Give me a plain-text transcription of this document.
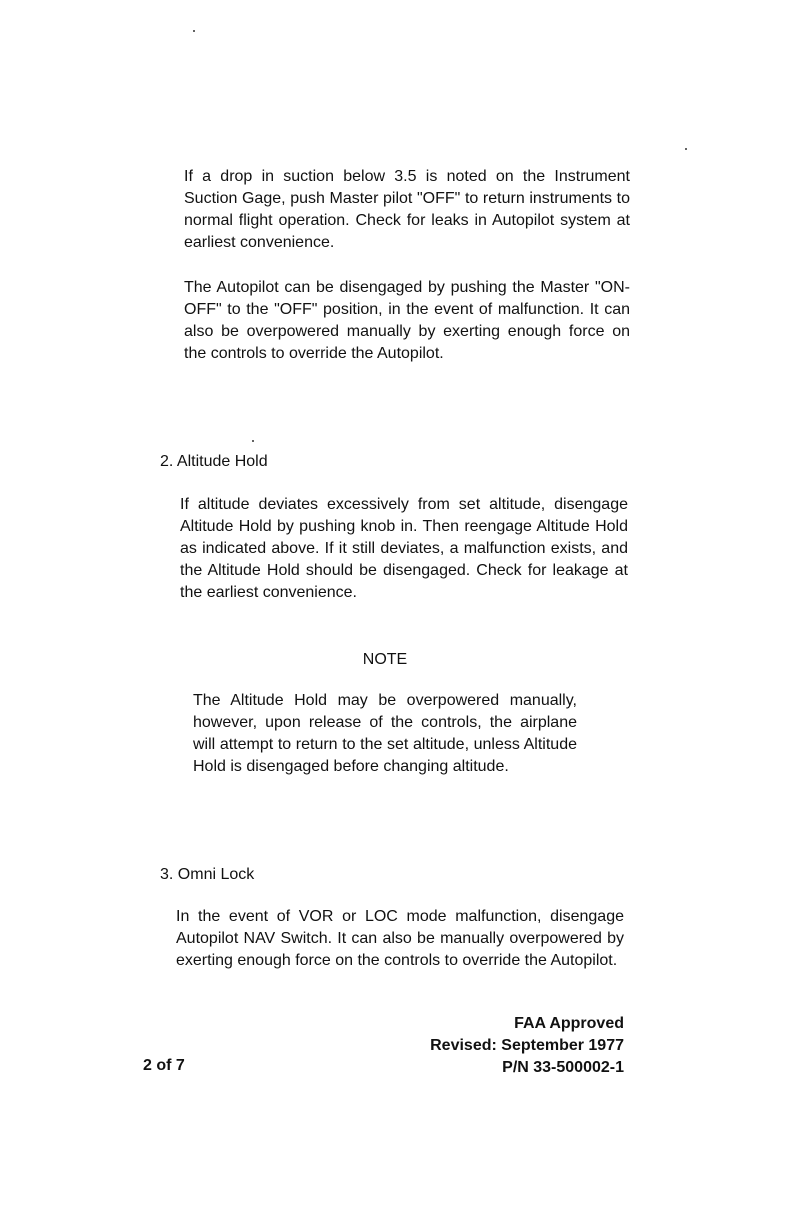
If a drop in suction below 3.5 is noted on the Instrument Suction Gage, push Master pilot "OFF" to return instruments to normal flight operation. Check for leaks in Autopilot system at earliest convenience.

The Autopilot can be disengaged by pushing the Master "ON-OFF" to the "OFF" position, in the event of malfunction. It can also be overpowered manually by exerting enough force on the controls to override the Autopilot.

2. Altitude Hold

If altitude deviates excessively from set altitude, disengage Altitude Hold by pushing knob in. Then reengage Altitude Hold as indicated above. If it still deviates, a malfunction exists, and the Altitude Hold should be disengaged. Check for leakage at the earliest convenience.

NOTE

The Altitude Hold may be overpowered manually, however, upon release of the controls, the airplane will attempt to return to the set altitude, unless Altitude Hold is disengaged before changing altitude.

3. Omni Lock

In the event of VOR or LOC mode malfunction, disengage Autopilot NAV Switch. It can also be manually overpowered by exerting enough force on the controls to override the Autopilot.

FAA Approved
Revised: September 1977
P/N 33-500002-1
2 of 7
